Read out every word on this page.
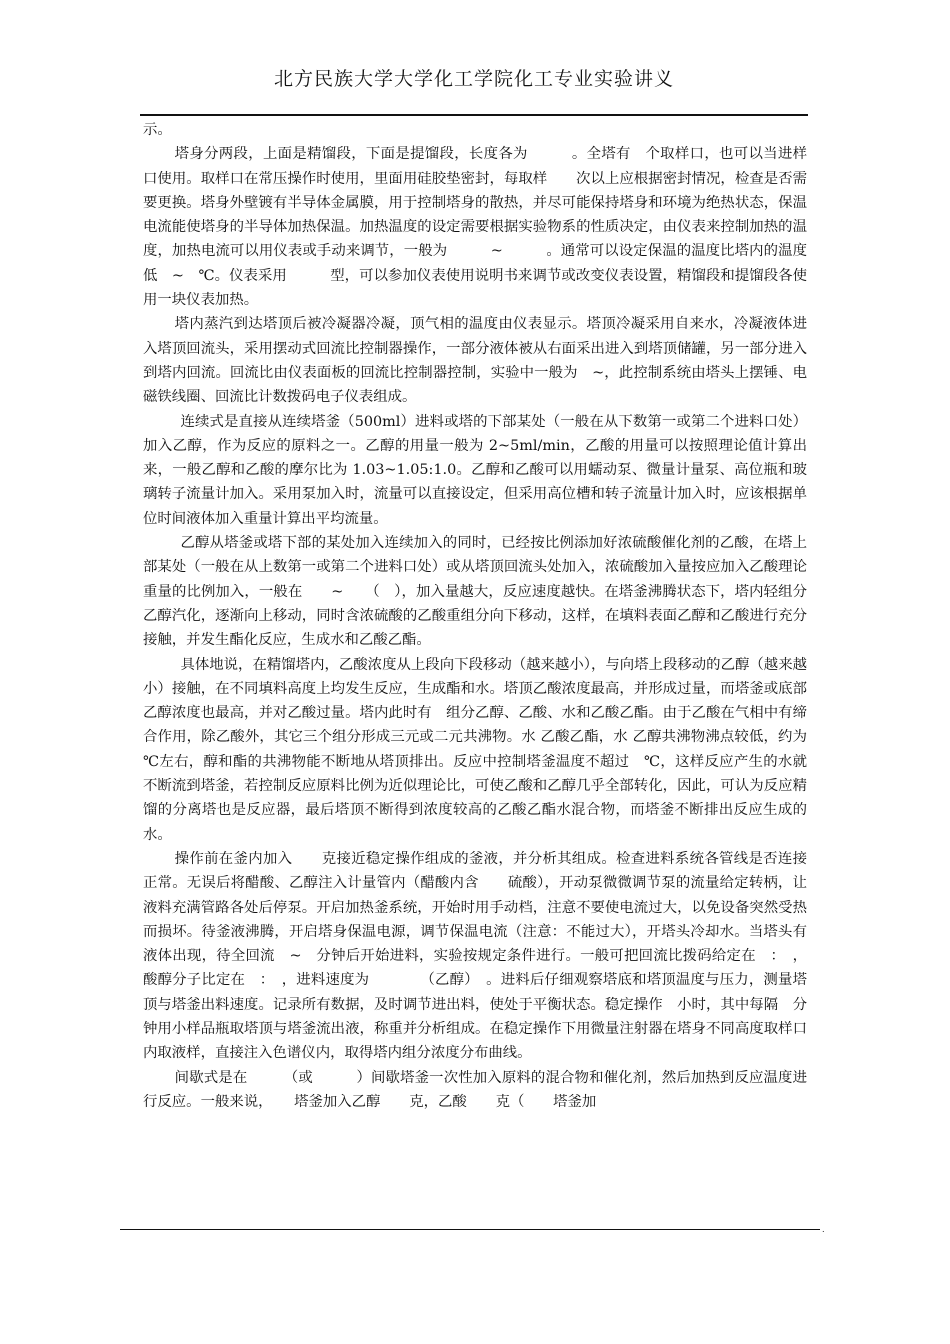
北方民族大学大学化工学院化工专业实验讲义

示。

塔身分两段，上面是精馏段，下面是提馏段，长度各为　　　。全塔有　个取样口，也可以当进样口使用。取样口在常压操作时使用，里面用硅胶垫密封，每取样　　次以上应根据密封情况，检查是否需要更换。塔身外壁镀有半导体金属膜，用于控制塔身的散热，并尽可能保持塔身和环境为绝热状态，保温电流能使塔身的半导体加热保温。加热温度的设定需要根据实验物系的性质决定，由仪表来控制加热的温度，加热电流可以用仪表或手动来调节，一般为　　　~　　　。通常可以设定保温的温度比塔内的温度低　~　℃。仪表采用　　　型，可以参加仪表使用说明书来调节或改变仪表设置，精馏段和提馏段各使用一块仪表加热。

塔内蒸汽到达塔顶后被冷凝器冷凝，顶气相的温度由仪表显示。塔顶冷凝采用自来水，冷凝液体进入塔顶回流头，采用摆动式回流比控制器操作，一部分液体被从右面采出进入到塔顶储罐，另一部分进入到塔内回流。回流比由仪表面板的回流比控制器控制，实验中一般为　~，此控制系统由塔头上摆锤、电磁铁线圈、回流比计数拨码电子仪表组成。

连续式是直接从连续塔釜（500ml）进料或塔的下部某处（一般在从下数第一或第二个进料口处）加入乙醇，作为反应的原料之一。乙醇的用量一般为 2~5ml/min，乙酸的用量可以按照理论值计算出来，一般乙醇和乙酸的摩尔比为 1.03~1.05:1.0。乙醇和乙酸可以用蠕动泵、微量计量泵、高位瓶和玻璃转子流量计加入。采用泵加入时，流量可以直接设定，但采用高位槽和转子流量计加入时，应该根据单位时间液体加入重量计算出平均流量。

乙醇从塔釜或塔下部的某处加入连续加入的同时，已经按比例添加好浓硫酸催化剂的乙酸，在塔上部某处（一般在从上数第一或第二个进料口处）或从塔顶回流头处加入，浓硫酸加入量按应加入乙酸理论重量的比例加入，一般在　　~　　（　），加入量越大，反应速度越快。在塔釜沸腾状态下，塔内轻组分乙醇汽化，逐渐向上移动，同时含浓硫酸的乙酸重组分向下移动，这样，在填料表面乙醇和乙酸进行充分接触，并发生酯化反应，生成水和乙酸乙酯。

具体地说，在精馏塔内，乙酸浓度从上段向下段移动（越来越小），与向塔上段移动的乙醇（越来越小）接触，在不同填料高度上均发生反应，生成酯和水。塔顶乙酸浓度最高，并形成过量，而塔釜或底部乙醇浓度也最高，并对乙酸过量。塔内此时有　组分乙醇、乙酸、水和乙酸乙酯。由于乙酸在气相中有缔合作用，除乙酸外，其它三个组分形成三元或二元共沸物。水 乙酸乙酯，水 乙醇共沸物沸点较低，约为　℃左右，醇和酯的共沸物能不断地从塔顶排出。反应中控制塔釜温度不超过　℃，这样反应产生的水就不断流到塔釜，若控制反应原料比例为近似理论比，可使乙酸和乙醇几乎全部转化，因此，可认为反应精馏的分离塔也是反应器，最后塔顶不断得到浓度较高的乙酸乙酯水混合物，而塔釜不断排出反应生成的水。

操作前在釜内加入　　克接近稳定操作组成的釜液，并分析其组成。检查进料系统各管线是否连接正常。无误后将醋酸、乙醇注入计量管内（醋酸内含　　硫酸），开动泵微微调节泵的流量给定转柄，让液料充满管路各处后停泵。开启加热釜系统，开始时用手动档，注意不要使电流过大，以免设备突然受热而损坏。待釜液沸腾，开启塔身保温电源，调节保温电流（注意：不能过大），开塔头冷却水。当塔头有液体出现，待全回流　~　分钟后开始进料，实验按规定条件进行。一般可把回流比拨码给定在　：　，酸醇分子比定在　：　，进料速度为　　　　（乙醇）　。进料后仔细观察塔底和塔顶温度与压力，测量塔顶与塔釜出料速度。记录所有数据，及时调节进出料，使处于平衡状态。稳定操作　小时，其中每隔　分钟用小样品瓶取塔顶与塔釜流出液，称重并分析组成。在稳定操作下用微量注射器在塔身不同高度取样口内取液样，直接注入色谱仪内，取得塔内组分浓度分布曲线。

间歇式是在　　　（或　　　）间歇塔釜一次性加入原料的混合物和催化剂，然后加热到反应温度进行反应。一般来说，　　塔釜加入乙醇　　克，乙酸　　克（　　塔釜加

.
